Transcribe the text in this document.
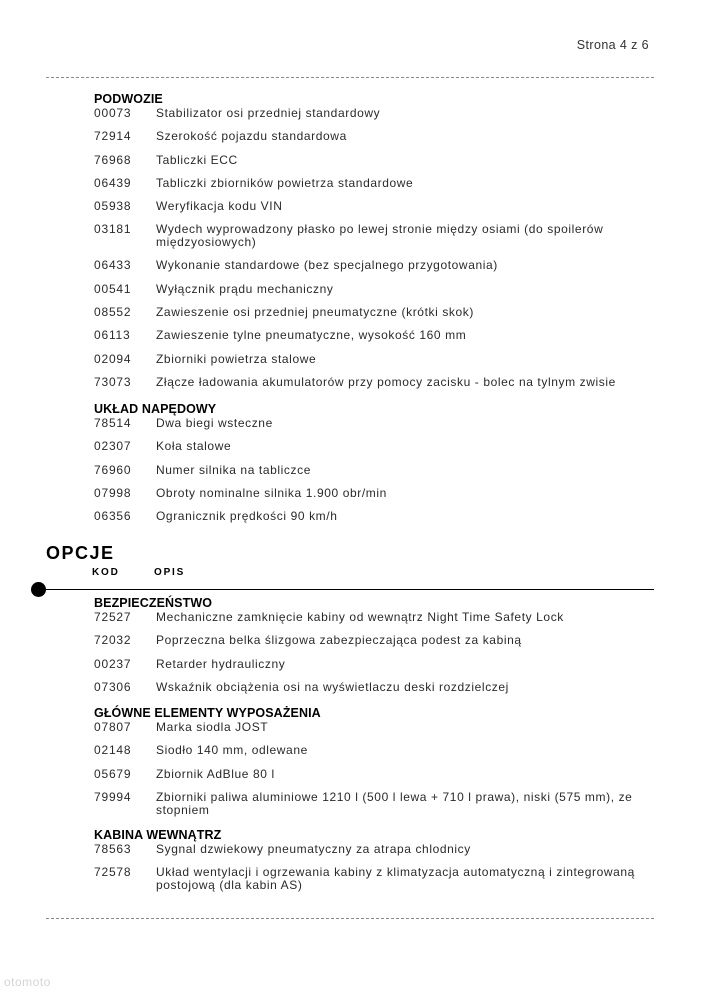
Strona 4 z 6
PODWOZIE
00073	Stabilizator osi przedniej standardowy
72914	Szerokość pojazdu standardowa
76968	Tabliczki ECC
06439	Tabliczki zbiorników powietrza standardowe
05938	Weryfikacja kodu VIN
03181	Wydech wyprowadzony płasko po lewej stronie między osiami (do spoilerów międzyosiowych)
06433	Wykonanie standardowe (bez specjalnego przygotowania)
00541	Wyłącznik prądu mechaniczny
08552	Zawieszenie osi przedniej pneumatyczne (krótki skok)
06113	Zawieszenie tylne pneumatyczne, wysokość 160 mm
02094	Zbiorniki powietrza stalowe
73073	Złącze ładowania akumulatorów przy pomocy zacisku - bolec na tylnym zwisie
UKŁAD NAPĘDOWY
78514	Dwa biegi wsteczne
02307	Koła stalowe
76960	Numer silnika na tabliczce
07998	Obroty nominalne silnika 1.900 obr/min
06356	Ogranicznik prędkości 90 km/h
OPCJE
KOD	OPIS
BEZPIECZEŃSTWO
72527	Mechaniczne zamknięcie kabiny od wewnątrz Night Time Safety Lock
72032	Poprzeczna belka ślizgowa zabezpieczająca podest za kabiną
00237	Retarder hydrauliczny
07306	Wskaźnik obciążenia osi na wyświetlaczu deski rozdzielczej
GŁÓWNE ELEMENTY WYPOSAŻENIA
07807	Marka siodla JOST
02148	Siodło 140 mm, odlewane
05679	Zbiornik AdBlue 80 l
79994	Zbiorniki paliwa aluminiowe 1210 l (500 l lewa + 710 l prawa), niski (575 mm), ze stopniem
KABINA WEWNĄTRZ
78563	Sygnal dzwiekowy pneumatyczny za atrapa chlodnicy
72578	Układ wentylacji i ogrzewania kabiny z klimatyzacja automatyczną i zintegrowaną postojową (dla kabin AS)
otomoto
